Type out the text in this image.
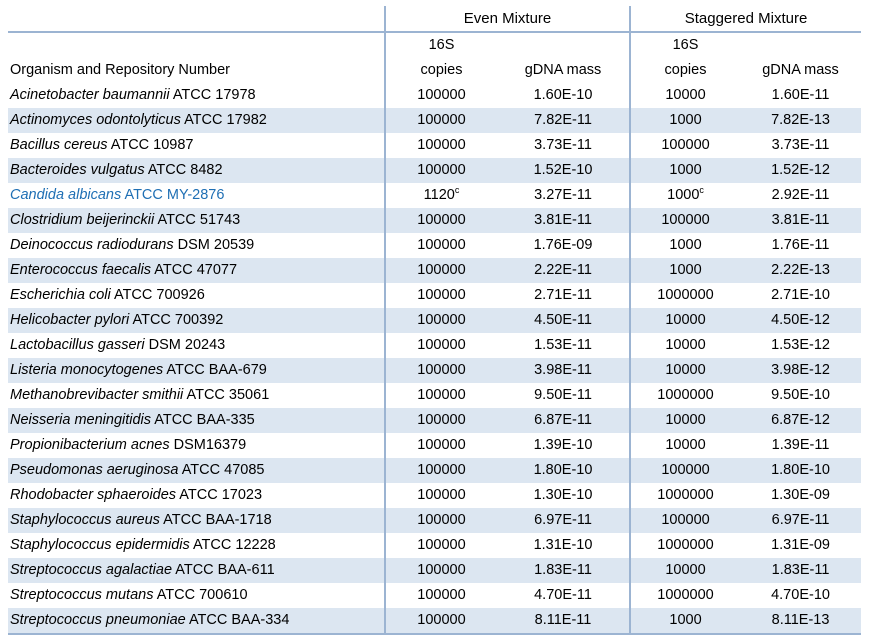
	Even Mixture		Staggered Mixture	
	16S		16S	
Organism and Repository Number	copies	gDNA mass	copies	gDNA mass
Acinetobacter baumannii ATCC 17978	100000	1.60E-10	10000	1.60E-11
Actinomyces odontolyticus ATCC 17982	100000	7.82E-11	1000	7.82E-13
Bacillus cereus ATCC 10987	100000	3.73E-11	100000	3.73E-11
Bacteroides vulgatus ATCC 8482	100000	1.52E-10	1000	1.52E-12
Candida albicans ATCC MY-2876	1120$^c$	3.27E-11	1000$^c$	2.92E-11
Clostridium beijerinckii ATCC 51743	100000	3.81E-11	100000	3.81E-11
Deinococcus radiodurans DSM 20539	100000	1.76E-09	1000	1.76E-11
Enterococcus faecalis ATCC 47077	100000	2.22E-11	1000	2.22E-13
Escherichia coli ATCC 700926	100000	2.71E-11	1000000	2.71E-10
Helicobacter pylori ATCC 700392	100000	4.50E-11	10000	4.50E-12
Lactobacillus gasseri DSM 20243	100000	1.53E-11	10000	1.53E-12
Listeria monocytogenes ATCC BAA-679	100000	3.98E-11	10000	3.98E-12
Methanobrevibacter smithii ATCC 35061	100000	9.50E-11	1000000	9.50E-10
Neisseria meningitidis ATCC BAA-335	100000	6.87E-11	10000	6.87E-12
Propionibacterium acnes DSM16379	100000	1.39E-10	10000	1.39E-11
Pseudomonas aeruginosa ATCC 47085	100000	1.80E-10	100000	1.80E-10
Rhodobacter sphaeroides ATCC 17023	100000	1.30E-10	1000000	1.30E-09
Staphylococcus aureus ATCC BAA-1718	100000	6.97E-11	100000	6.97E-11
Staphylococcus epidermidis ATCC 12228	100000	1.31E-10	1000000	1.31E-09
Streptococcus agalactiae ATCC BAA-611	100000	1.83E-11	10000	1.83E-11
Streptococcus mutans ATCC 700610	100000	4.70E-11	1000000	4.70E-10
Streptococcus pneumoniae ATCC BAA-334	100000	8.11E-11	1000	8.11E-13
